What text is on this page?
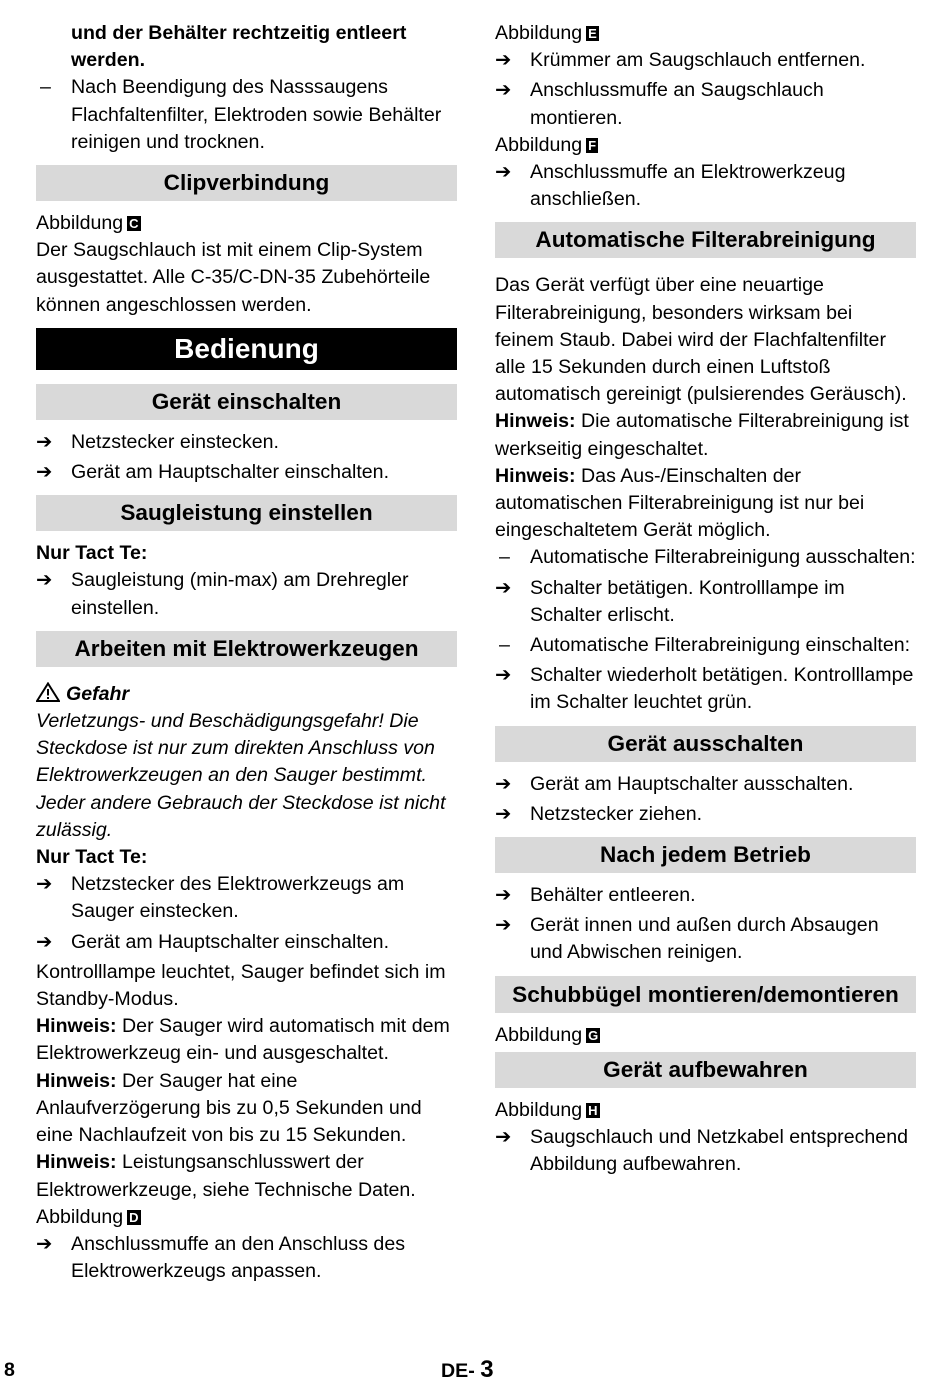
und der Behälter rechtzeitig entleert werden.

–	Nach Beendigung des Nasssaugens Flachfaltenfilter, Elektroden sowie Behälter reinigen und trocknen.
Clipverbindung

Abbildung C

Der Saugschlauch ist mit einem Clip-System ausgestattet. Alle C-35/C-DN-35 Zubehörteile können angeschlossen werden.

Bedienung
Gerät einschalten
➔ Netzstecker einstecken.
➔ Gerät am Hauptschalter einschalten.
Saugleistung einstellen

Nur Tact Te:

➔ Saugleistung (min-max) am Drehregler einstellen.
Arbeiten mit Elektrowerkzeugen

Gefahr

Verletzungs- und Beschädigungsgefahr! Die Steckdose ist nur zum direkten Anschluss von Elektrowerkzeugen an den Sauger bestimmt. Jeder andere Gebrauch der Steckdose ist nicht zulässig.

Nur Tact Te:

➔ Netzstecker des Elektrowerkzeugs am Sauger einstecken.
➔ Gerät am Hauptschalter einschalten.

Kontrolllampe leuchtet, Sauger befindet sich im Standby-Modus.

Hinweis: Der Sauger wird automatisch mit dem Elektrowerkzeug ein- und ausgeschaltet.

Hinweis: Der Sauger hat eine Anlaufverzögerung bis zu 0,5 Sekunden und eine Nachlaufzeit von bis zu 15 Sekunden.

Hinweis: Leistungsanschlusswert der Elektrowerkzeuge, siehe Technische Daten.

Abbildung D

➔ Anschlussmuffe an den Anschluss des Elektrowerkzeugs anpassen.

Abbildung E

➔ Krümmer am Saugschlauch entfernen.
➔ Anschlussmuffe an Saugschlauch montieren.

Abbildung F

➔ Anschlussmuffe an Elektrowerkzeug anschließen.
Automatische Filterabreinigung

Das Gerät verfügt über eine neuartige Filterabreinigung, besonders wirksam bei feinem Staub. Dabei wird der Flachfaltenfilter alle 15 Sekunden durch einen Luftstoß automatisch gereinigt (pulsierendes Geräusch).

Hinweis: Die automatische Filterabreinigung ist werkseitig eingeschaltet.

Hinweis: Das Aus-/Einschalten der automatischen Filterabreinigung ist nur bei eingeschaltetem Gerät möglich.

–	Automatische Filterabreinigung ausschalten:
➔ Schalter betätigen. Kontrolllampe im Schalter erlischt.
–	Automatische Filterabreinigung einschalten:
➔ Schalter wiederholt betätigen. Kontrolllampe im Schalter leuchtet grün.
Gerät ausschalten
➔ Gerät am Hauptschalter ausschalten.
➔ Netzstecker ziehen.
Nach jedem Betrieb
➔ Behälter entleeren.
➔ Gerät innen und außen durch Absaugen und Abwischen reinigen.
Schubbügel montieren/demontieren

Abbildung G

Gerät aufbewahren

Abbildung H

➔ Saugschlauch und Netzkabel entsprechend Abbildung aufbewahren.
8	DE- 3
